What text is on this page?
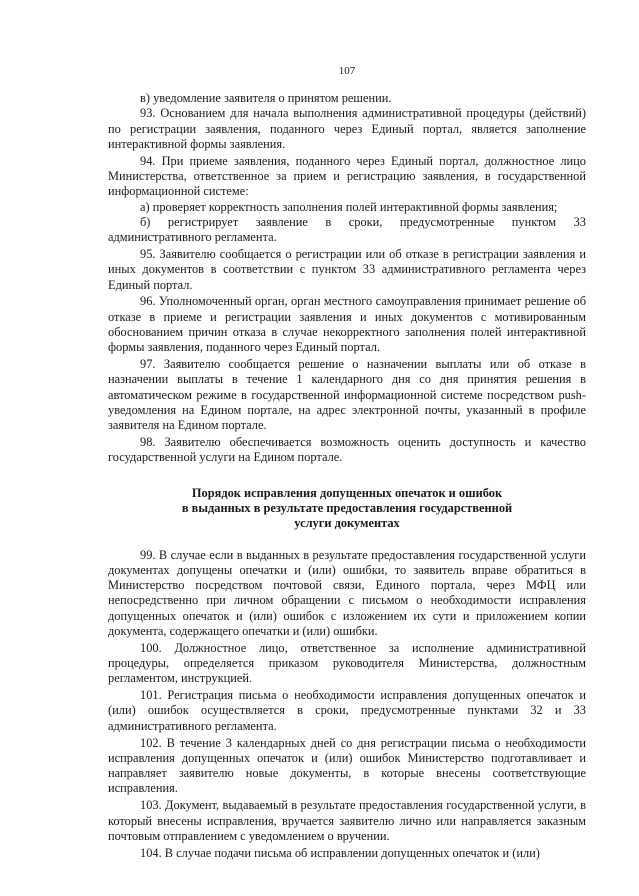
107

в) уведомление заявителя о принятом решении.

93. Основанием для начала выполнения административной процедуры (действий) по регистрации заявления, поданного через Единый портал, является заполнение интерактивной формы заявления.

94. При приеме заявления, поданного через Единый портал, должностное лицо Министерства, ответственное за прием и регистрацию заявления, в государственной информационной системе:

а) проверяет корректность заполнения полей интерактивной формы заявления;

б) регистрирует заявление в сроки, предусмотренные пунктом 33 административного регламента.

95. Заявителю сообщается о регистрации или об отказе в регистрации заявления и иных документов в соответствии с пунктом 33 административного регламента через Единый портал.

96. Уполномоченный орган, орган местного самоуправления принимает решение об отказе в приеме и регистрации заявления и иных документов с мотивированным обоснованием причин отказа в случае некорректного заполнения полей интерактивной формы заявления, поданного через Единый портал.

97. Заявителю сообщается решение о назначении выплаты или об отказе в назначении выплаты в течение 1 календарного дня со дня принятия решения в автоматическом режиме в государственной информационной системе посредством push-уведомления на Едином портале, на адрес электронной почты, указанный в профиле заявителя на Едином портале.

98. Заявителю обеспечивается возможность оценить доступность и качество государственной услуги на Едином портале.

Порядок исправления допущенных опечаток и ошибок
в выданных в результате предоставления государственной
услуги документах

99. В случае если в выданных в результате предоставления государственной услуги документах допущены опечатки и (или) ошибки, то заявитель вправе обратиться в Министерство посредством почтовой связи, Единого портала, через МФЦ или непосредственно при личном обращении с письмом о необходимости исправления допущенных опечаток и (или) ошибок с изложением их сути и приложением копии документа, содержащего опечатки и (или) ошибки.

100. Должностное лицо, ответственное за исполнение административной процедуры, определяется приказом руководителя Министерства, должностным регламентом, инструкцией.

101. Регистрация письма о необходимости исправления допущенных опечаток и (или) ошибок осуществляется в сроки, предусмотренные пунктами 32 и 33 административного регламента.

102. В течение 3 календарных дней со дня регистрации письма о необходимости исправления допущенных опечаток и (или) ошибок Министерство подготавливает и направляет заявителю новые документы, в которые внесены соответствующие исправления.

103. Документ, выдаваемый в результате предоставления государственной услуги, в который внесены исправления, вручается заявителю лично или направляется заказным почтовым отправлением с уведомлением о вручении.

104. В случае подачи письма об исправлении допущенных опечаток и (или)
